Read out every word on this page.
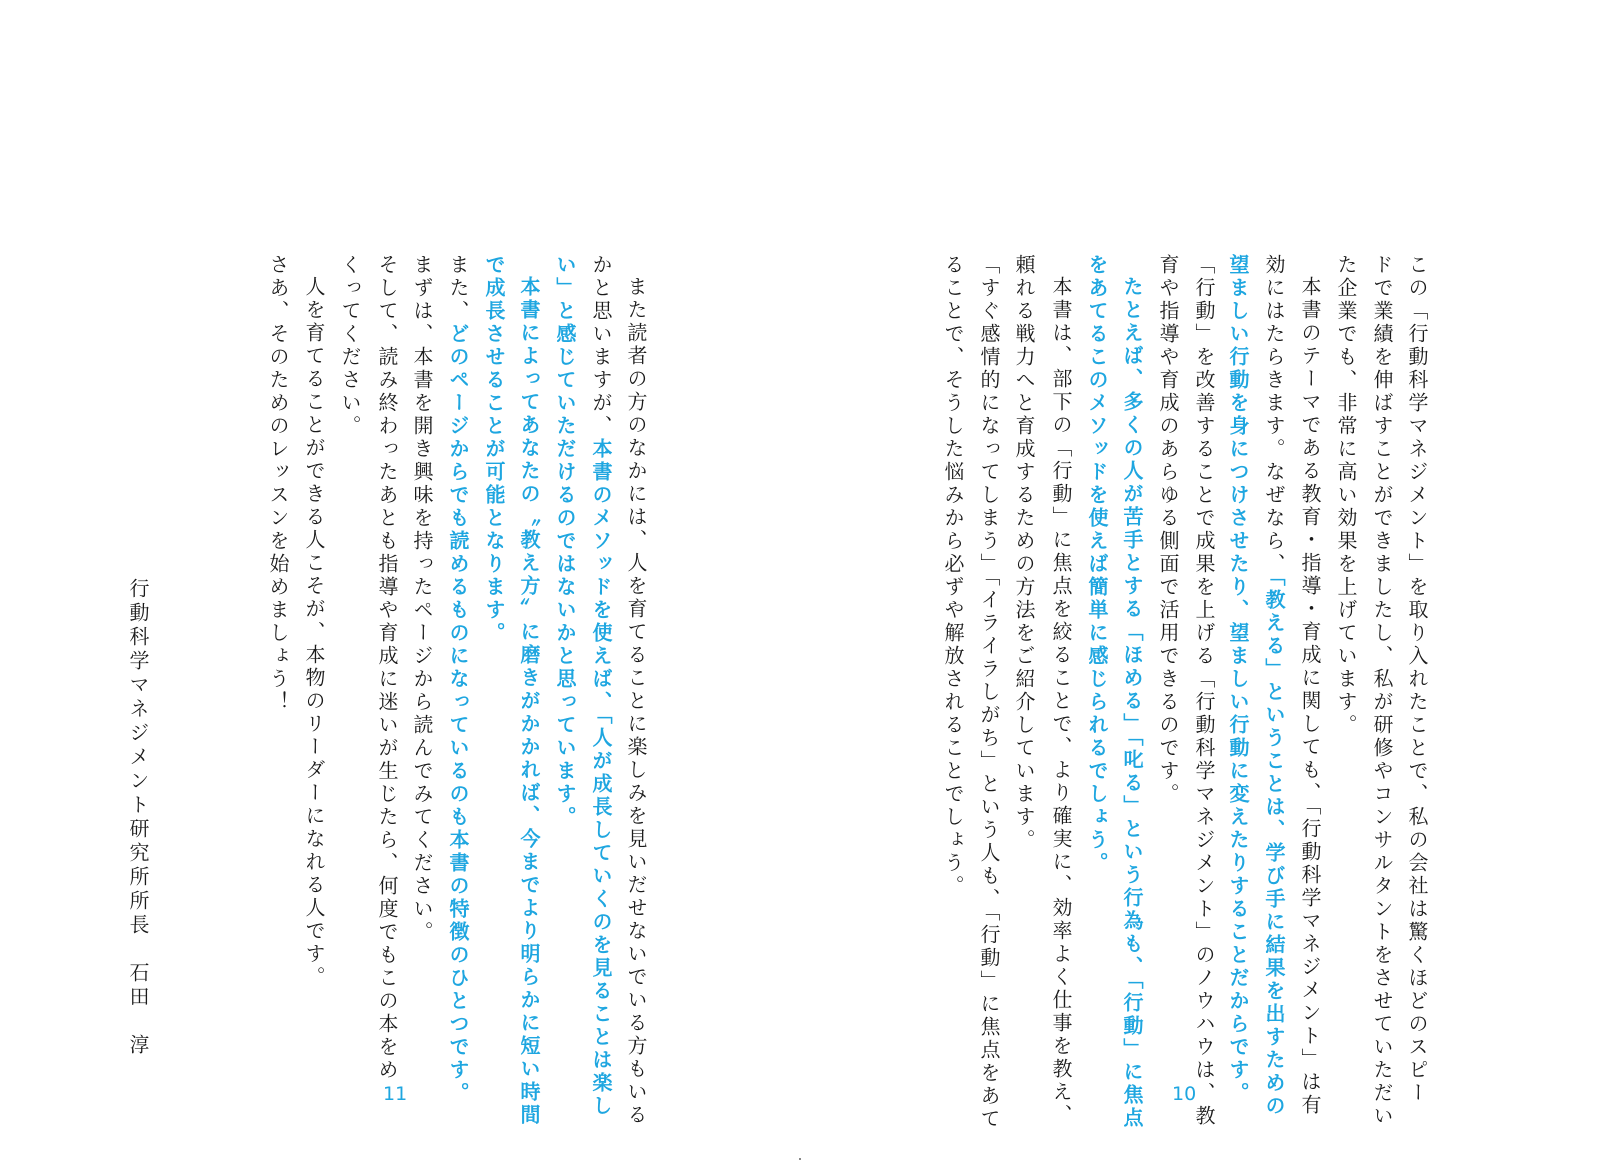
この「行動科学マネジメント」を取り入れたことで、私の会社は驚くほどのスピー
ドで業績を伸ばすことができましたし、私が研修やコンサルタントをさせていただい
た企業でも、非常に高い効果を上げています。
本書のテーマである教育・指導・育成に関しても、「行動科学マネジメント」は有
効にはたらきます。なぜなら、「教える」ということは、学び手に結果を出すための
望ましい行動を身につけさせたり、望ましい行動に変えたりすることだからです。
「行動」を改善することで成果を上げる「行動科学マネジメント」のノウハウは、教
育や指導や育成のあらゆる側面で活用できるのです。
たとえば、多くの人が苦手とする「ほめる」「叱る」という行為も、「行動」に焦点
をあてるこのメソッドを使えば簡単に感じられるでしょう。
本書は、部下の「行動」に焦点を絞ることで、より確実に、効率よく仕事を教え、
頼れる戦力へと育成するための方法をご紹介しています。
「すぐ感情的になってしまう」「イライラしがち」という人も、「行動」に焦点をあて
ることで、そうした悩みから必ずや解放されることでしょう。
10
また読者の方のなかには、人を育てることに楽しみを見いだせないでいる方もいる
かと思いますが、本書のメソッドを使えば、「人が成長していくのを見ることは楽し
い」と感じていただけるのではないかと思っています。
本書によってあなたの〝教え方〟に磨きがかかれば、今までより明らかに短い時間
で成長させることが可能となります。
また、どのページからでも読めるものになっているのも本書の特徴のひとつです。
まずは、本書を開き興味を持ったページから読んでみてください。
そして、読み終わったあとも指導や育成に迷いが生じたら、何度でもこの本をめ
くってください。
人を育てることができる人こそが、本物のリーダーになれる人です。
さあ、そのためのレッスンを始めましょう！
行動科学マネジメント研究所所長　石田　淳
11
